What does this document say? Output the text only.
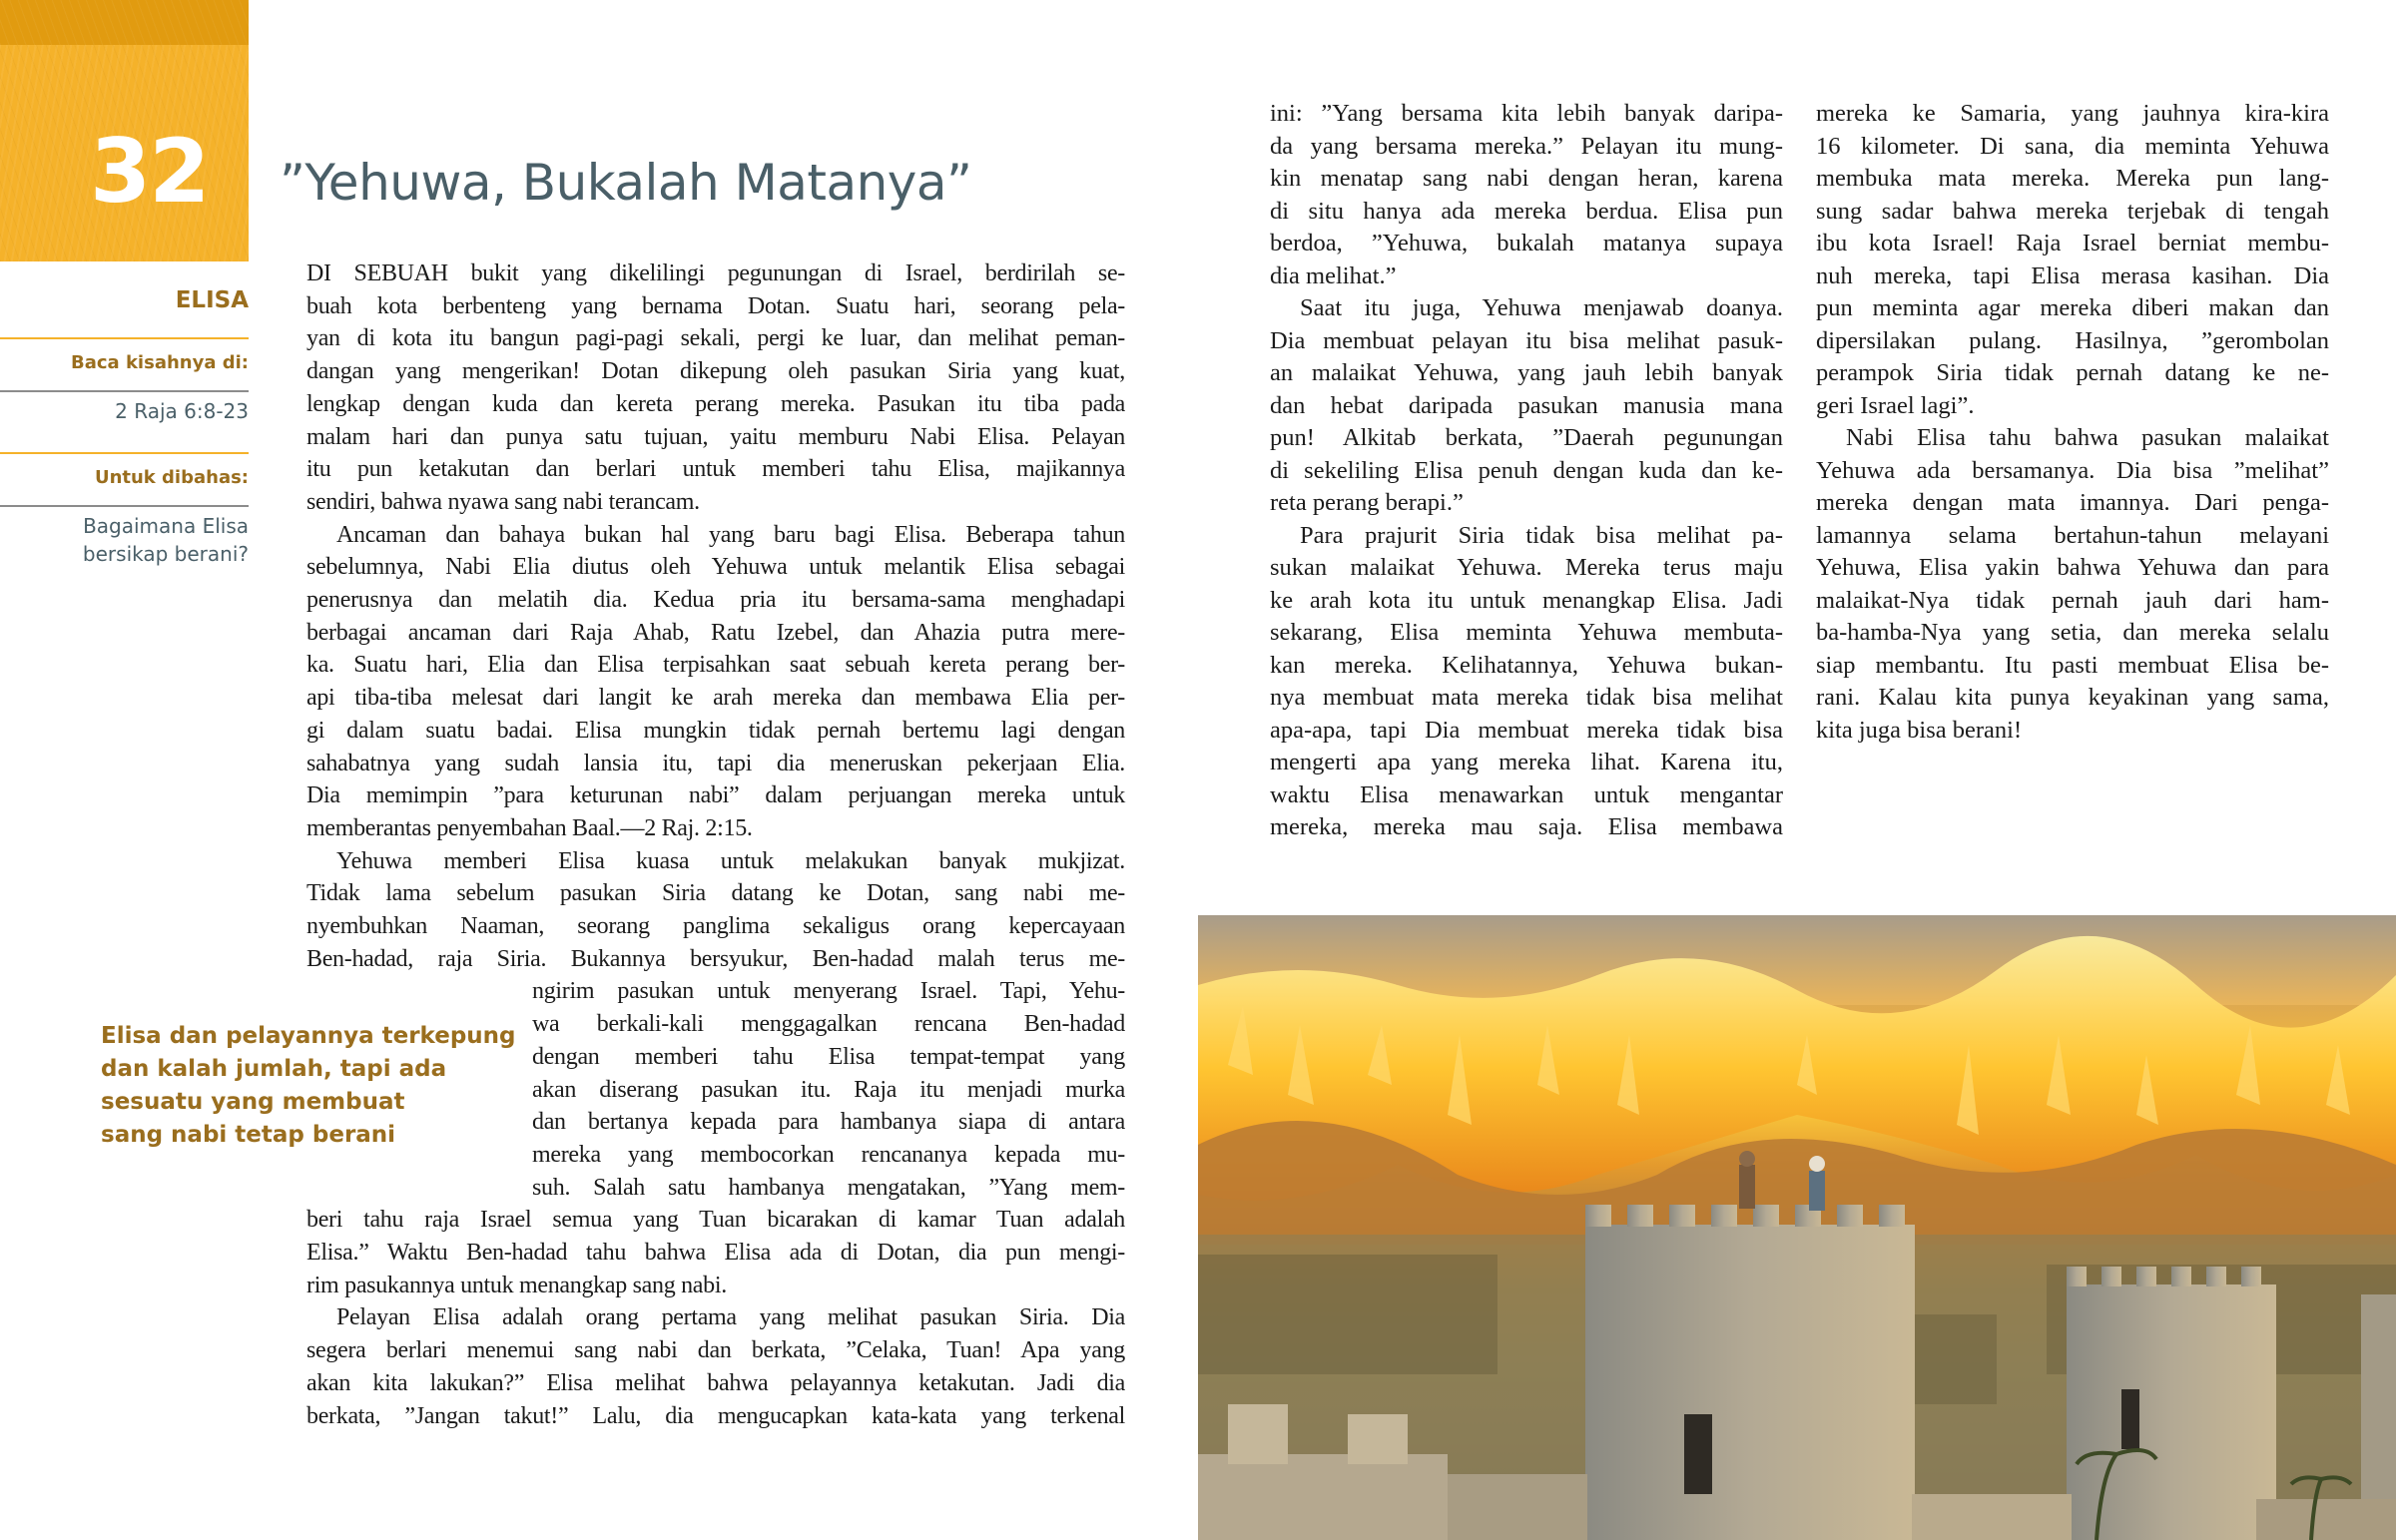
32 ”Yehuwa, Bukalah Matanya”
ELISA
Baca kisahnya di:
2 Raja 6:8-23
Untuk dibahas:
Bagaimana Elisa
bersikap berani?
Elisa dan pelayannya terkepung
dan kalah jumlah, tapi ada
sesuatu yang membuat
sang nabi tetap berani
DI SEBUAH bukit yang dikelilingi pegunungan di Israel, berdirilah se-
buah kota berbenteng yang bernama Dotan. Suatu hari, seorang pela-
yan di kota itu bangun pagi-pagi sekali, pergi ke luar, dan melihat peman-
dangan yang mengerikan! Dotan dikepung oleh pasukan Siria yang kuat,
lengkap dengan kuda dan kereta perang mereka. Pasukan itu tiba pada
malam hari dan punya satu tujuan, yaitu memburu Nabi Elisa. Pelayan
itu pun ketakutan dan berlari untuk memberi tahu Elisa, majikannya
sendiri, bahwa nyawa sang nabi terancam.
Ancaman dan bahaya bukan hal yang baru bagi Elisa. Beberapa tahun
sebelumnya, Nabi Elia diutus oleh Yehuwa untuk melantik Elisa sebagai
penerusnya dan melatih dia. Kedua pria itu bersama-sama menghadapi
berbagai ancaman dari Raja Ahab, Ratu Izebel, dan Ahazia putra mere-
ka. Suatu hari, Elia dan Elisa terpisahkan saat sebuah kereta perang ber-
api tiba-tiba melesat dari langit ke arah mereka dan membawa Elia per-
gi dalam suatu badai. Elisa mungkin tidak pernah bertemu lagi dengan
sahabatnya yang sudah lansia itu, tapi dia meneruskan pekerjaan Elia.
Dia memimpin ”para keturunan nabi” dalam perjuangan mereka untuk
memberantas penyembahan Baal.—2 Raj. 2:15.
Yehuwa memberi Elisa kuasa untuk melakukan banyak mukjizat.
Tidak lama sebelum pasukan Siria datang ke Dotan, sang nabi me-
nyembuhkan Naaman, seorang panglima sekaligus orang kepercayaan
Ben-hadad, raja Siria. Bukannya bersyukur, Ben-hadad malah terus me-
ngirim pasukan untuk menyerang Israel. Tapi, Yehu-
wa berkali-kali menggagalkan rencana Ben-hadad
dengan memberi tahu Elisa tempat-tempat yang
akan diserang pasukan itu. Raja itu menjadi murka
dan bertanya kepada para hambanya siapa di antara
mereka yang membocorkan rencananya kepada mu-
suh. Salah satu hambanya mengatakan, ”Yang mem-
beri tahu raja Israel semua yang Tuan bicarakan di kamar Tuan adalah
Elisa.” Waktu Ben-hadad tahu bahwa Elisa ada di Dotan, dia pun mengi-
rim pasukannya untuk menangkap sang nabi.
Pelayan Elisa adalah orang pertama yang melihat pasukan Siria. Dia
segera berlari menemui sang nabi dan berkata, ”Celaka, Tuan! Apa yang
akan kita lakukan?” Elisa melihat bahwa pelayannya ketakutan. Jadi dia
berkata, ”Jangan takut!” Lalu, dia mengucapkan kata-kata yang terkenal
ini: ”Yang bersama kita lebih banyak daripa-
da yang bersama mereka.” Pelayan itu mung-
kin menatap sang nabi dengan heran, karena
di situ hanya ada mereka berdua. Elisa pun
berdoa, ”Yehuwa, bukalah matanya supaya
dia melihat.”
Saat itu juga, Yehuwa menjawab doanya.
Dia membuat pelayan itu bisa melihat pasuk-
an malaikat Yehuwa, yang jauh lebih banyak
dan hebat daripada pasukan manusia mana
pun! Alkitab berkata, ”Daerah pegunungan
di sekeliling Elisa penuh dengan kuda dan ke-
reta perang berapi.”
Para prajurit Siria tidak bisa melihat pa-
sukan malaikat Yehuwa. Mereka terus maju
ke arah kota itu untuk menangkap Elisa. Jadi
sekarang, Elisa meminta Yehuwa membuta-
kan mereka. Kelihatannya, Yehuwa bukan-
nya membuat mata mereka tidak bisa melihat
apa-apa, tapi Dia membuat mereka tidak bisa
mengerti apa yang mereka lihat. Karena itu,
waktu Elisa menawarkan untuk mengantar
mereka, mereka mau saja. Elisa membawa
mereka ke Samaria, yang jauhnya kira-kira
16 kilometer. Di sana, dia meminta Yehuwa
membuka mata mereka. Mereka pun lang-
sung sadar bahwa mereka terjebak di tengah
ibu kota Israel! Raja Israel berniat membu-
nuh mereka, tapi Elisa merasa kasihan. Dia
pun meminta agar mereka diberi makan dan
dipersilakan pulang. Hasilnya, ”gerombolan
perampok Siria tidak pernah datang ke ne-
geri Israel lagi”.
Nabi Elisa tahu bahwa pasukan malaikat
Yehuwa ada bersamanya. Dia bisa ”melihat”
mereka dengan mata imannya. Dari penga-
lamannya selama bertahun-tahun melayani
Yehuwa, Elisa yakin bahwa Yehuwa dan para
malaikat-Nya tidak pernah jauh dari ham-
ba-hamba-Nya yang setia, dan mereka selalu
siap membantu. Itu pasti membuat Elisa be-
rani. Kalau kita punya keyakinan yang sama,
kita juga bisa berani!
